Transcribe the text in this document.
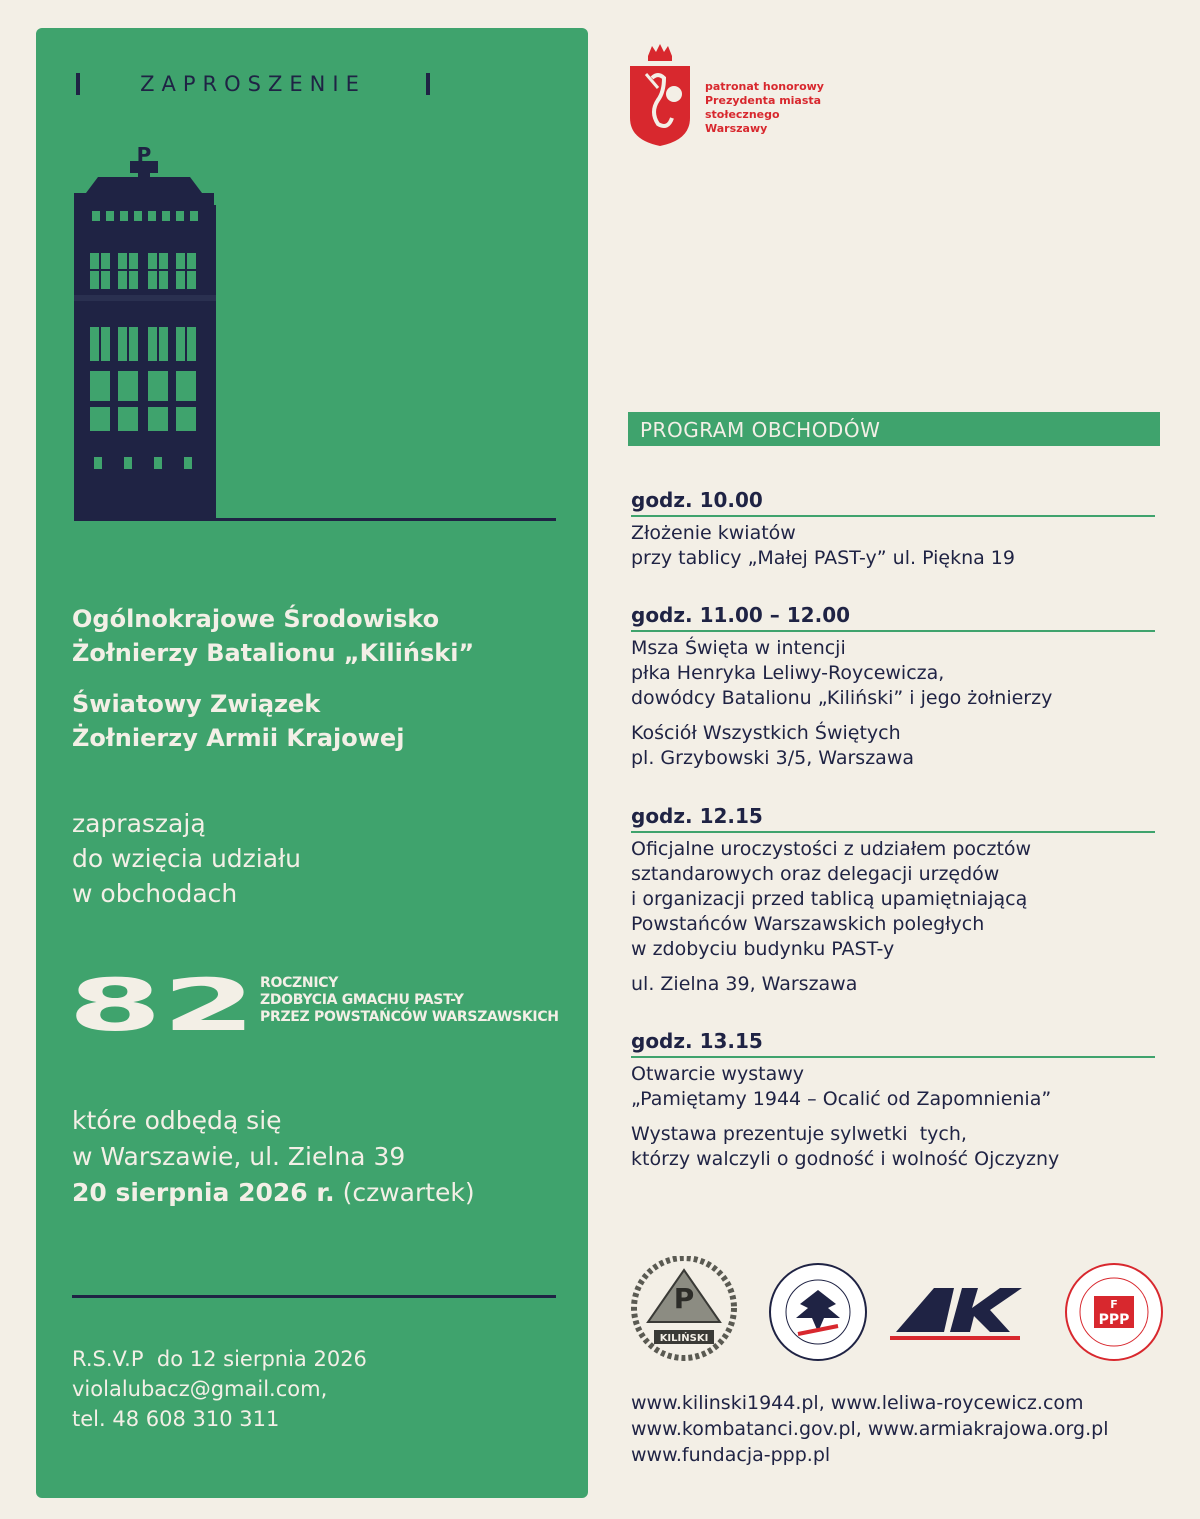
ZAPROSZENIE
P
Ogólnokrajowe Środowisko
Żołnierzy Batalionu „Kiliński”
Światowy Związek
Żołnierzy Armii Krajowej
zapraszają
do wzięcia udziału
w obchodach
82 ROCZNICY
ZDOBYCIA GMACHU PAST-Y
PRZEZ POWSTAŃCÓW WARSZAWSKICH
które odbędą się
w Warszawie, ul. Zielna 39
20 sierpnia 2026 r. (czwartek)
R.S.V.P  do 12 sierpnia 2026
violalubacz@gmail.com,
tel. 48 608 310 311
patronat honorowy
Prezydenta miasta
stołecznego
Warszawy
PROGRAM OBCHODÓW
godz. 10.00
Złożenie kwiatów
przy tablicy „Małej PAST-y” ul. Piękna 19
godz. 11.00 – 12.00
Msza Święta w intencji
płka Henryka Leliwy-Roycewicza,
dowódcy Batalionu „Kiliński” i jego żołnierzy
Kościół Wszystkich Świętych
pl. Grzybowski 3/5, Warszawa
godz. 12.15
Oficjalne uroczystości z udziałem pocztów
sztandarowych oraz delegacji urzędów
i organizacji przed tablicą upamiętniającą
Powstańców Warszawskich poległych
w zdobyciu budynku PAST-y
ul. Zielna 39, Warszawa
godz. 13.15
Otwarcie wystawy
„Pamiętamy 1944 – Ocalić od Zapomnienia”
Wystawa prezentuje sylwetki  tych,
którzy walczyli o godność i wolność Ojczyzny
P
KILIŃSKI
AK
F
PPP
www.kilinski1944.pl, www.leliwa-roycewicz.com
www.kombatanci.gov.pl, www.armiakrajowa.org.pl
www.fundacja-ppp.pl
